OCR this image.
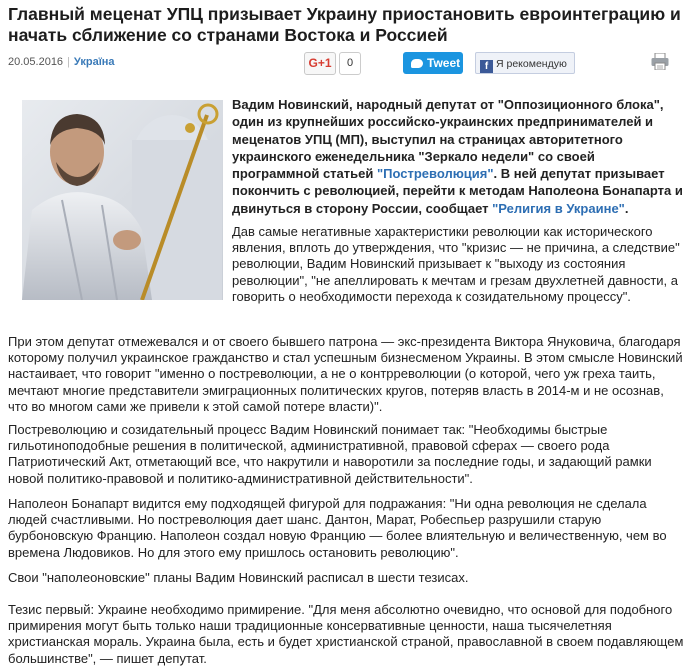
Главный меценат УПЦ призывает Украину приостановить евроинтеграцию и начать сближение со странами Востока и Россией
20.05.2016 | Україна	G+1	0	Tweet	f Я рекомендую

Вадим Новинский, народный депутат от "Оппозиционного блока", один из крупнейших российско-украинских предпринимателей и меценатов УПЦ (МП), выступил на страницах авторитетного украинского еженедельника "Зеркало недели" со своей программной статьей "Постреволюция". В ней депутат призывает покончить с революцией, перейти к методам Наполеона Бонапарта и двинуться в сторону России, сообщает "Религия в Украине".

Дав самые негативные характеристики революции как исторического явления, вплоть до утверждения, что "кризис — не причина, а следствие" революции, Вадим Новинский призывает к "выходу из состояния революции", "не апеллировать к мечтам и грезам двухлетней давности, а говорить о необходимости перехода к созидательному процессу".

При этом депутат отмежевался и от своего бывшего патрона — экс-президента Виктора Януковича, благодаря которому получил украинское гражданство и стал успешным бизнесменом Украины. В этом смысле Новинский настаивает, что говорит "именно о постреволюции, а не о контрреволюции (о которой, чего уж греха таить, мечтают многие представители эмиграционных политических кругов, потеряв власть в 2014-м и не осознав, что во многом сами же привели к этой самой потере власти)".

Постреволюцию и созидательный процесс Вадим Новинский понимает так: "Необходимы быстрые гильотиноподобные решения в политической, административной, правовой сферах — своего рода Патриотический Акт, отметающий все, что накрутили и наворотили за последние годы, и задающий рамки новой политико-правовой и политико-административной действительности".

Наполеон Бонапарт видится ему подходящей фигурой для подражания: "Ни одна революция не сделала людей счастливыми. Но постреволюция дает шанс. Дантон, Марат, Робеспьер разрушили старую бурбоновскую Францию. Наполеон создал новую Францию — более влиятельную и величественную, чем во времена Людовиков. Но для этого ему пришлось остановить революцию".

Свои "наполеоновские" планы Вадим Новинский расписал в шести тезисах.

Тезис первый: Украине необходимо примирение. "Для меня абсолютно очевидно, что основой для подобного примирения могут быть только наши традиционные консервативные ценности, наша тысячелетняя христианская мораль. Украина была, есть и будет христианской страной, православной в своем подавляющем большинстве", — пишет депутат.
